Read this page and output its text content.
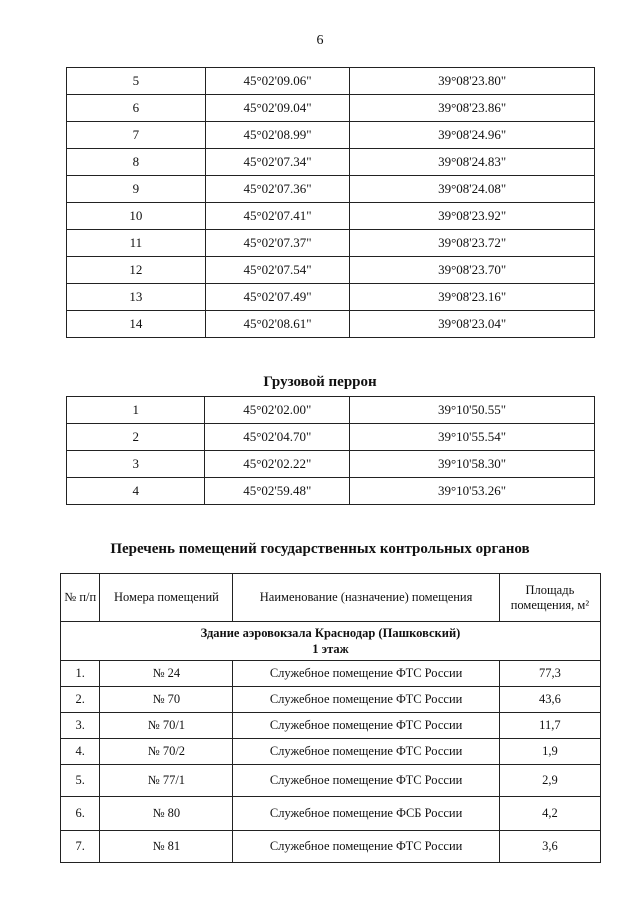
6
5	45°02'09.06"	39°08'23.80"
6	45°02'09.04"	39°08'23.86"
7	45°02'08.99"	39°08'24.96"
8	45°02'07.34"	39°08'24.83"
9	45°02'07.36"	39°08'24.08"
10	45°02'07.41"	39°08'23.92"
11	45°02'07.37"	39°08'23.72"
12	45°02'07.54"	39°08'23.70"
13	45°02'07.49"	39°08'23.16"
14	45°02'08.61"	39°08'23.04"
Грузовой перрон
1	45°02'02.00"	39°10'50.55"
2	45°02'04.70"	39°10'55.54"
3	45°02'02.22"	39°10'58.30"
4	45°02'59.48"	39°10'53.26"
Перечень помещений государственных контрольных органов
№ п/п	Номера помещений	Наименование (назначение) помещения	Площадь помещения, м²

Здание аэровокзала Краснодар (Пашковский)
1 этаж			

1.	№ 24	Служебное помещение ФТС России	77,3
2.	№ 70	Служебное помещение ФТС России	43,6
3.	№ 70/1	Служебное помещение ФТС России	11,7
4.	№ 70/2	Служебное помещение ФТС России	1,9
5.	№ 77/1	Служебное помещение ФТС России	2,9
6.	№ 80	Служебное помещение ФСБ России	4,2
7.	№ 81	Служебное помещение ФТС России	3,6
